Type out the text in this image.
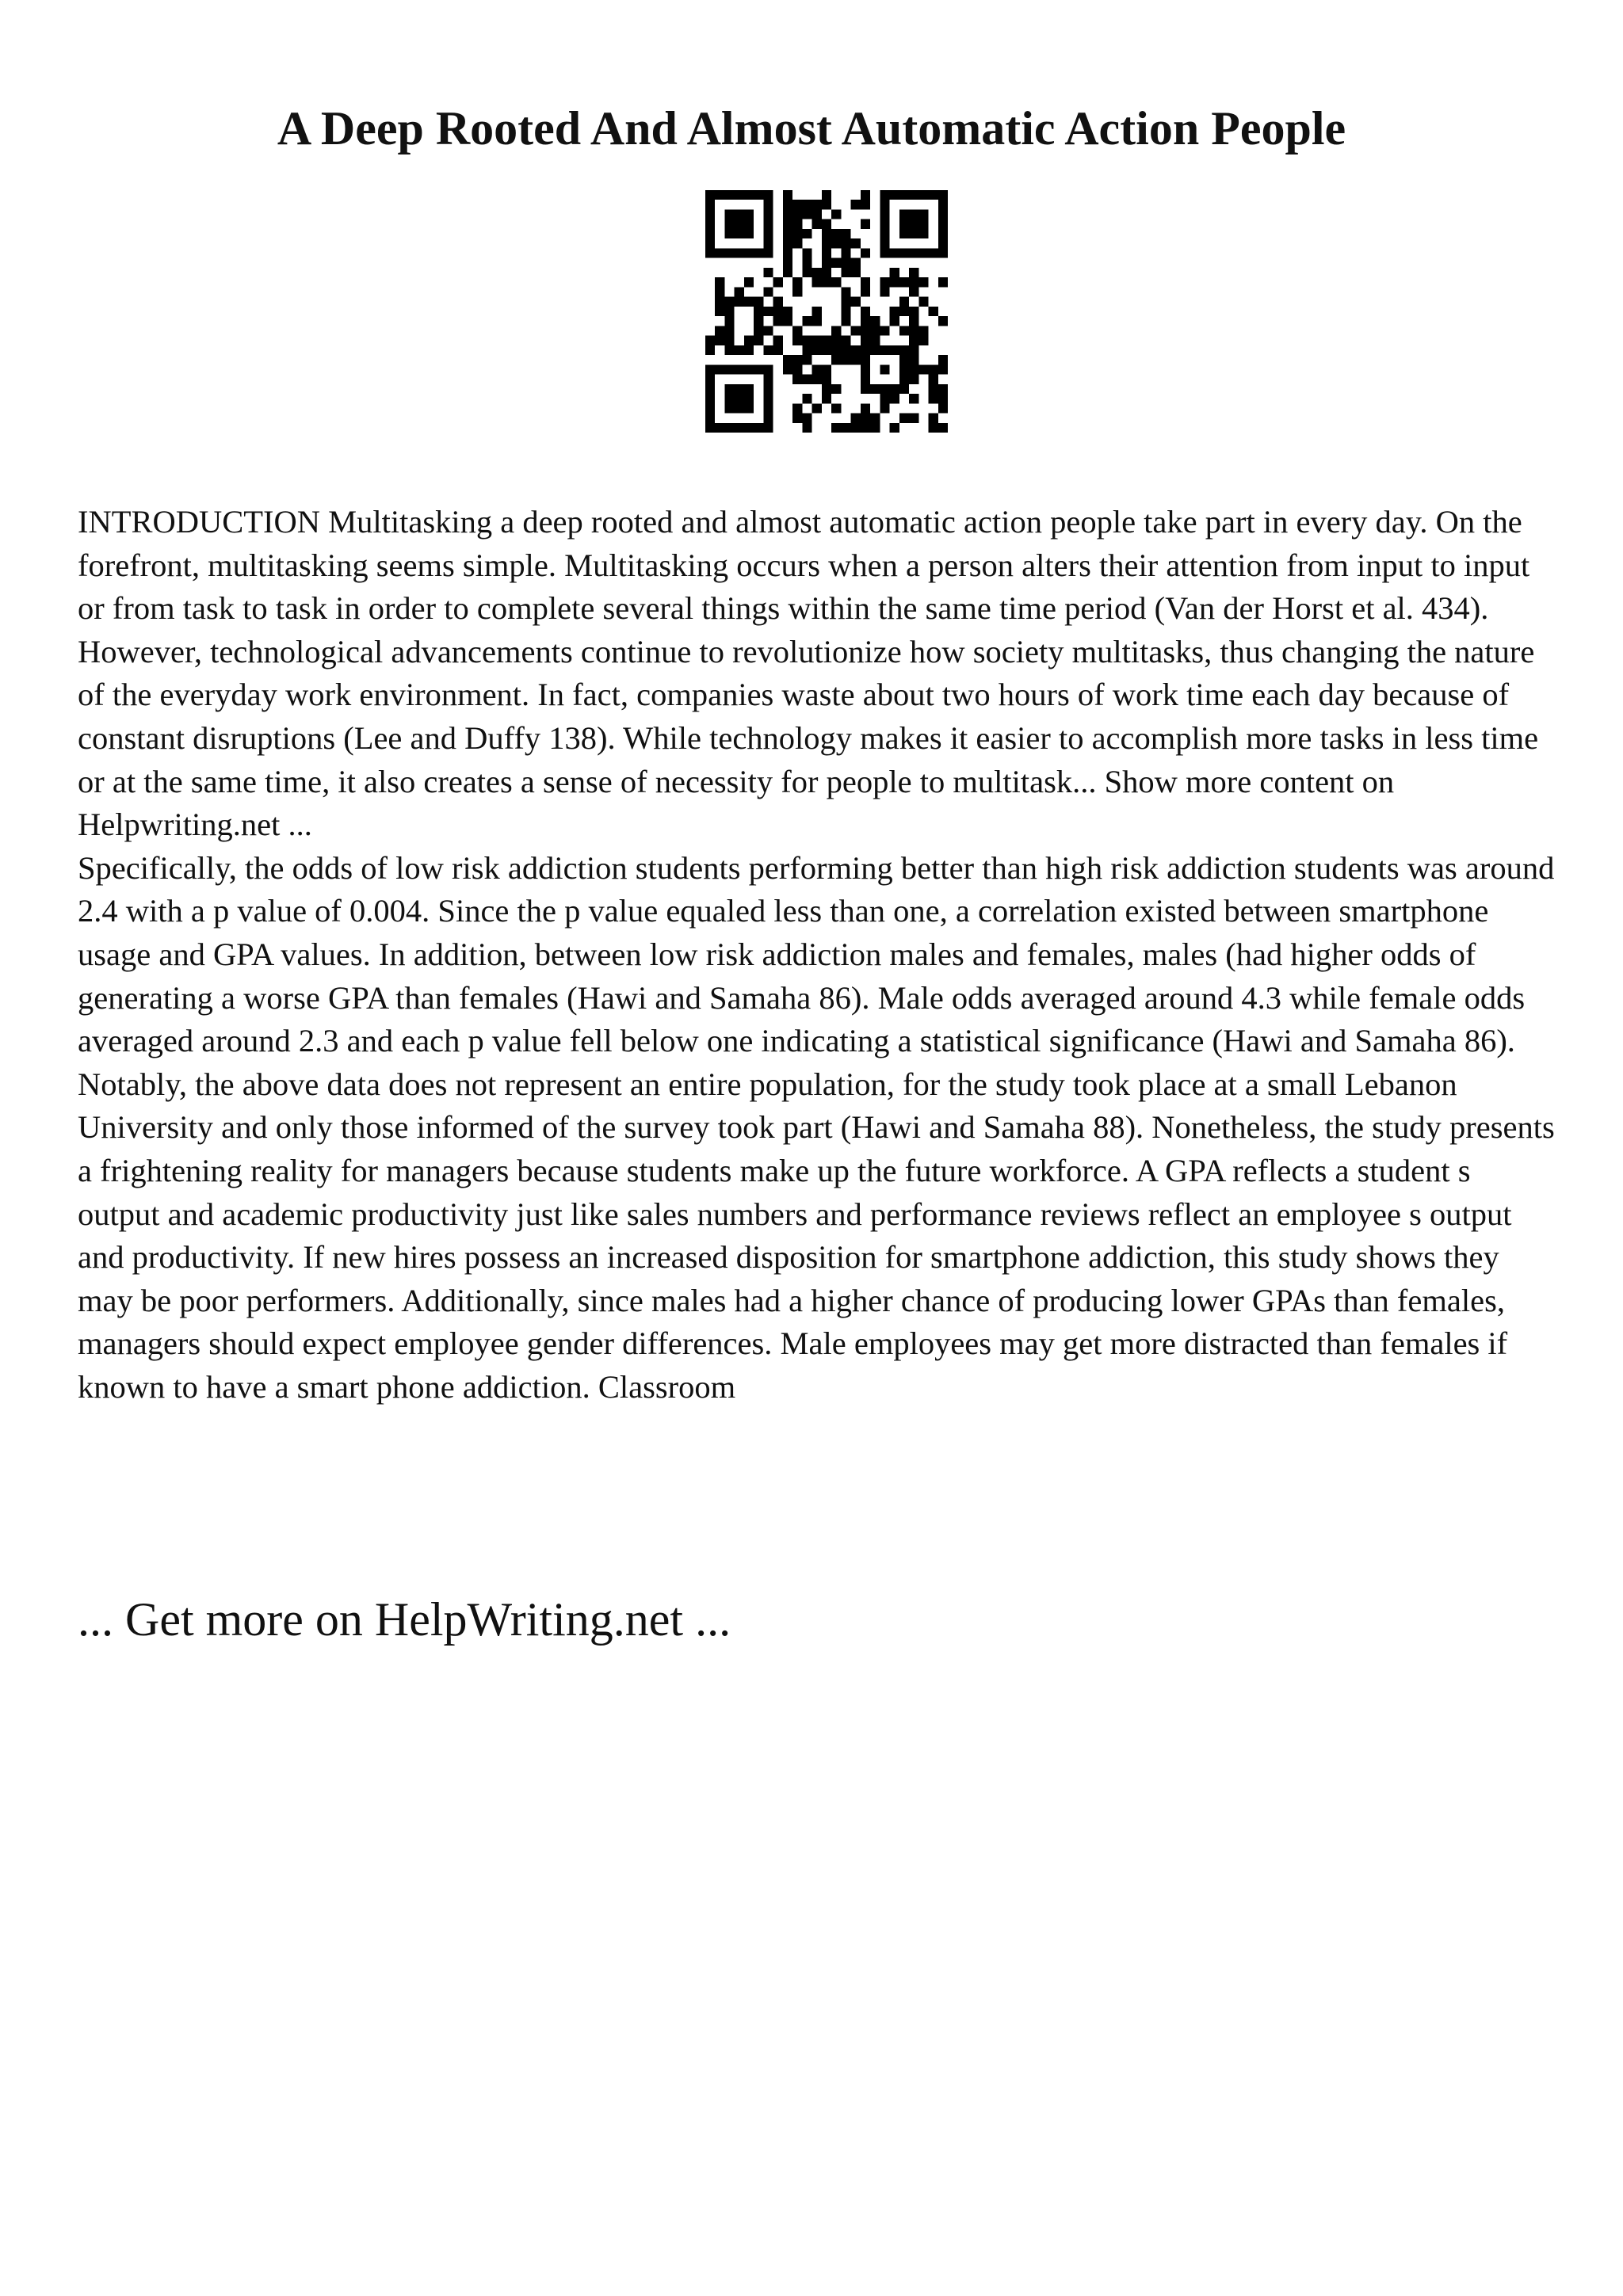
A Deep Rooted And Almost Automatic Action People

INTRODUCTION Multitasking a deep rooted and almost automatic action people take part in every day. On the forefront, multitasking seems simple. Multitasking occurs when a person alters their attention from input to input or from task to task in order to complete several things within the same time period (Van der Horst et al. 434). However, technological advancements continue to revolutionize how society multitasks, thus changing the nature of the everyday work environment. In fact, companies waste about two hours of work time each day because of constant disruptions (Lee and Duffy 138). While technology makes it easier to accomplish more tasks in less time or at the same time, it also creates a sense of necessity for people to multitask... Show more content on Helpwriting.net ...

Specifically, the odds of low risk addiction students performing better than high risk addiction students was around 2.4 with a p value of 0.004. Since the p value equaled less than one, a correlation existed between smartphone usage and GPA values. In addition, between low risk addiction males and females, males (had higher odds of generating a worse GPA than females (Hawi and Samaha 86). Male odds averaged around 4.3 while female odds averaged around 2.3 and each p value fell below one indicating a statistical significance (Hawi and Samaha 86). Notably, the above data does not represent an entire population, for the study took place at a small Lebanon University and only those informed of the survey took part (Hawi and Samaha 88). Nonetheless, the study presents a frightening reality for managers because students make up the future workforce. A GPA reflects a student s output and academic productivity just like sales numbers and performance reviews reflect an employee s output and productivity. If new hires possess an increased disposition for smartphone addiction, this study shows they may be poor performers. Additionally, since males had a higher chance of producing lower GPAs than females, managers should expect employee gender differences. Male employees may get more distracted than females if known to have a smart phone addiction. Classroom

... Get more on HelpWriting.net ...
